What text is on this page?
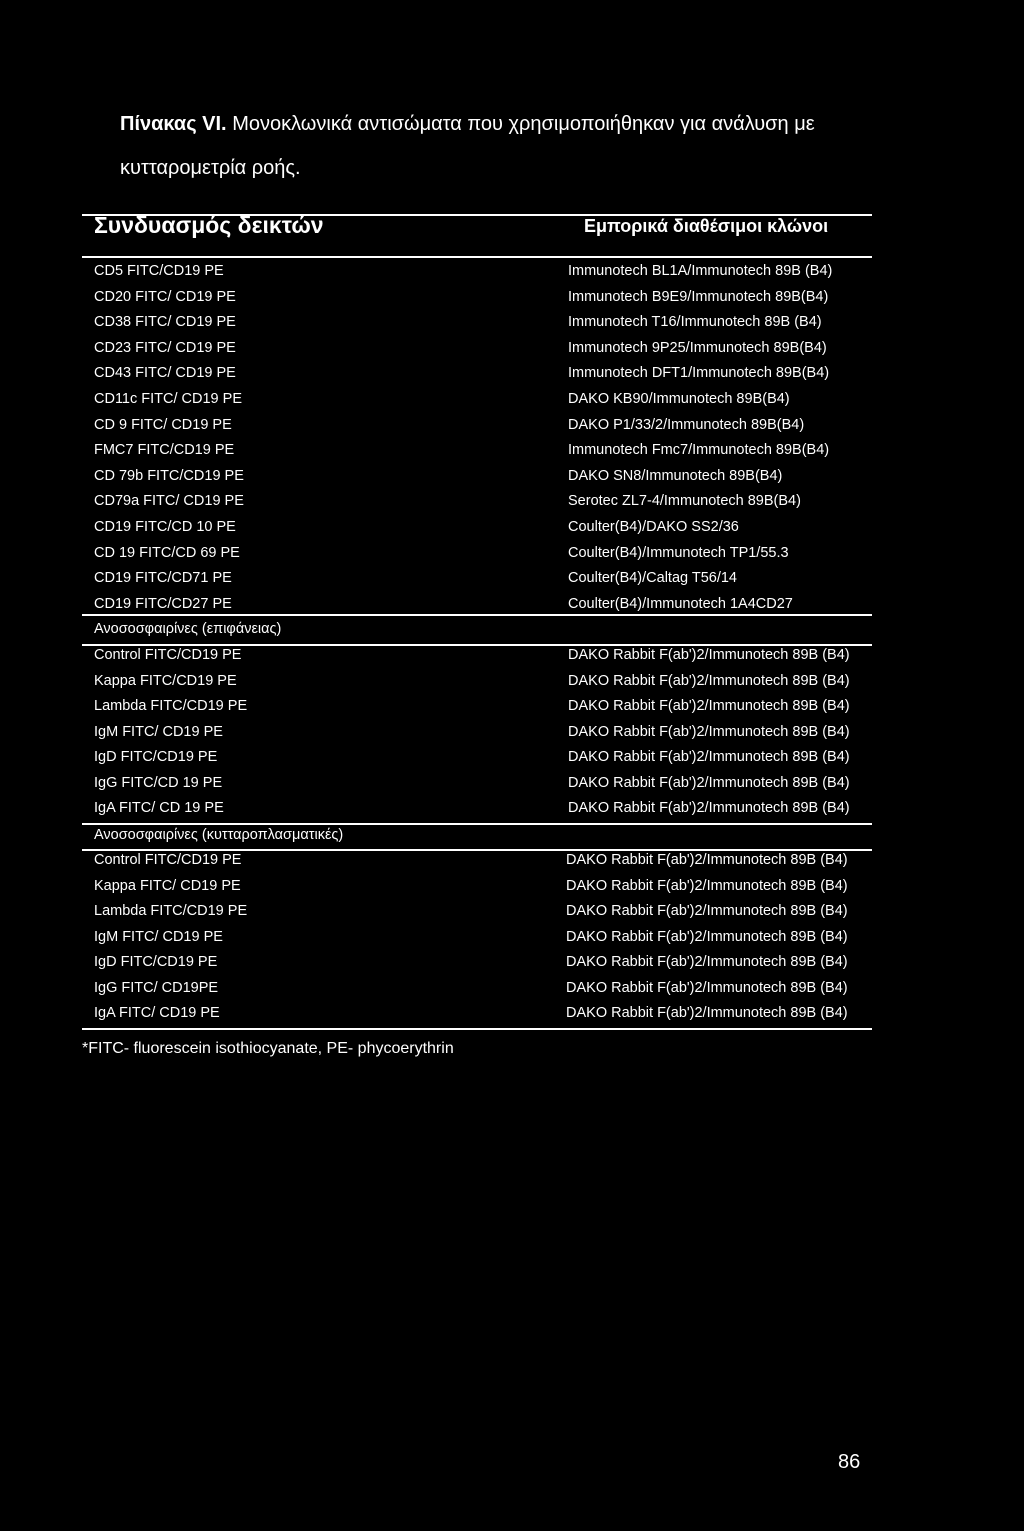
Πίνακας VI. Μονοκλωνικά αντισώματα που χρησιμοποιήθηκαν για ανάλυση με κυτταρομετρία ροής.
Συνδυασμός δεικτών	Εμπορικά διαθέσιμοι κλώνοι
CD5 FITC/CD19 PE	Immunotech BL1A/Immunotech 89B (B4)
CD20 FITC/ CD19 PE	Immunotech B9E9/Immunotech 89B(B4)
CD38 FITC/ CD19 PE	Immunotech T16/Immunotech 89B (B4)
CD23 FITC/ CD19 PE	Immunotech 9P25/Immunotech 89B(B4)
CD43 FITC/ CD19 PE	Immunotech DFT1/Immunotech 89B(B4)
CD11c FITC/ CD19 PE	DAKO KB90/Immunotech 89B(B4)
CD 9 FITC/ CD19 PE	DAKO P1/33/2/Immunotech 89B(B4)
FMC7 FITC/CD19 PE	Immunotech Fmc7/Immunotech 89B(B4)
CD 79b FITC/CD19 PE	DAKO SN8/Immunotech 89B(B4)
CD79a FITC/ CD19 PE	Serotec ZL7-4/Immunotech 89B(B4)
CD19 FITC/CD 10 PE	Coulter(B4)/DAKO SS2/36
CD 19 FITC/CD 69 PE	Coulter(B4)/Immunotech TP1/55.3
CD19 FITC/CD71 PE	Coulter(B4)/Caltag T56/14
CD19 FITC/CD27 PE	Coulter(B4)/Immunotech 1A4CD27
Ανοσοσφαιρίνες (επιφάνειας)
Control FITC/CD19 PE	DAKO Rabbit F(ab')2/Immunotech 89B (B4)
Kappa FITC/CD19 PE	DAKO Rabbit F(ab')2/Immunotech 89B (B4)
Lambda FITC/CD19 PE	DAKO Rabbit F(ab')2/Immunotech 89B (B4)
IgM FITC/ CD19 PE	DAKO Rabbit F(ab')2/Immunotech 89B (B4)
IgD FITC/CD19 PE	DAKO Rabbit F(ab')2/Immunotech 89B (B4)
IgG FITC/CD 19 PE	DAKO Rabbit F(ab')2/Immunotech 89B (B4)
IgA FITC/ CD 19 PE	DAKO Rabbit F(ab')2/Immunotech 89B (B4)
Ανοσοσφαιρίνες (κυτταροπλασματικές)
Control FITC/CD19 PE	DAKO Rabbit F(ab')2/Immunotech 89B (B4)
Kappa FITC/ CD19 PE	DAKO Rabbit F(ab')2/Immunotech 89B (B4)
Lambda FITC/CD19 PE	DAKO Rabbit F(ab')2/Immunotech 89B (B4)
IgM FITC/ CD19 PE	DAKO Rabbit F(ab')2/Immunotech 89B (B4)
IgD FITC/CD19 PE	DAKO Rabbit F(ab')2/Immunotech 89B (B4)
IgG FITC/ CD19PE	DAKO Rabbit F(ab')2/Immunotech 89B (B4)
IgA FITC/ CD19 PE	DAKO Rabbit F(ab')2/Immunotech 89B (B4)
*FITC- fluorescein isothiocyanate, PE- phycoerythrin
86
